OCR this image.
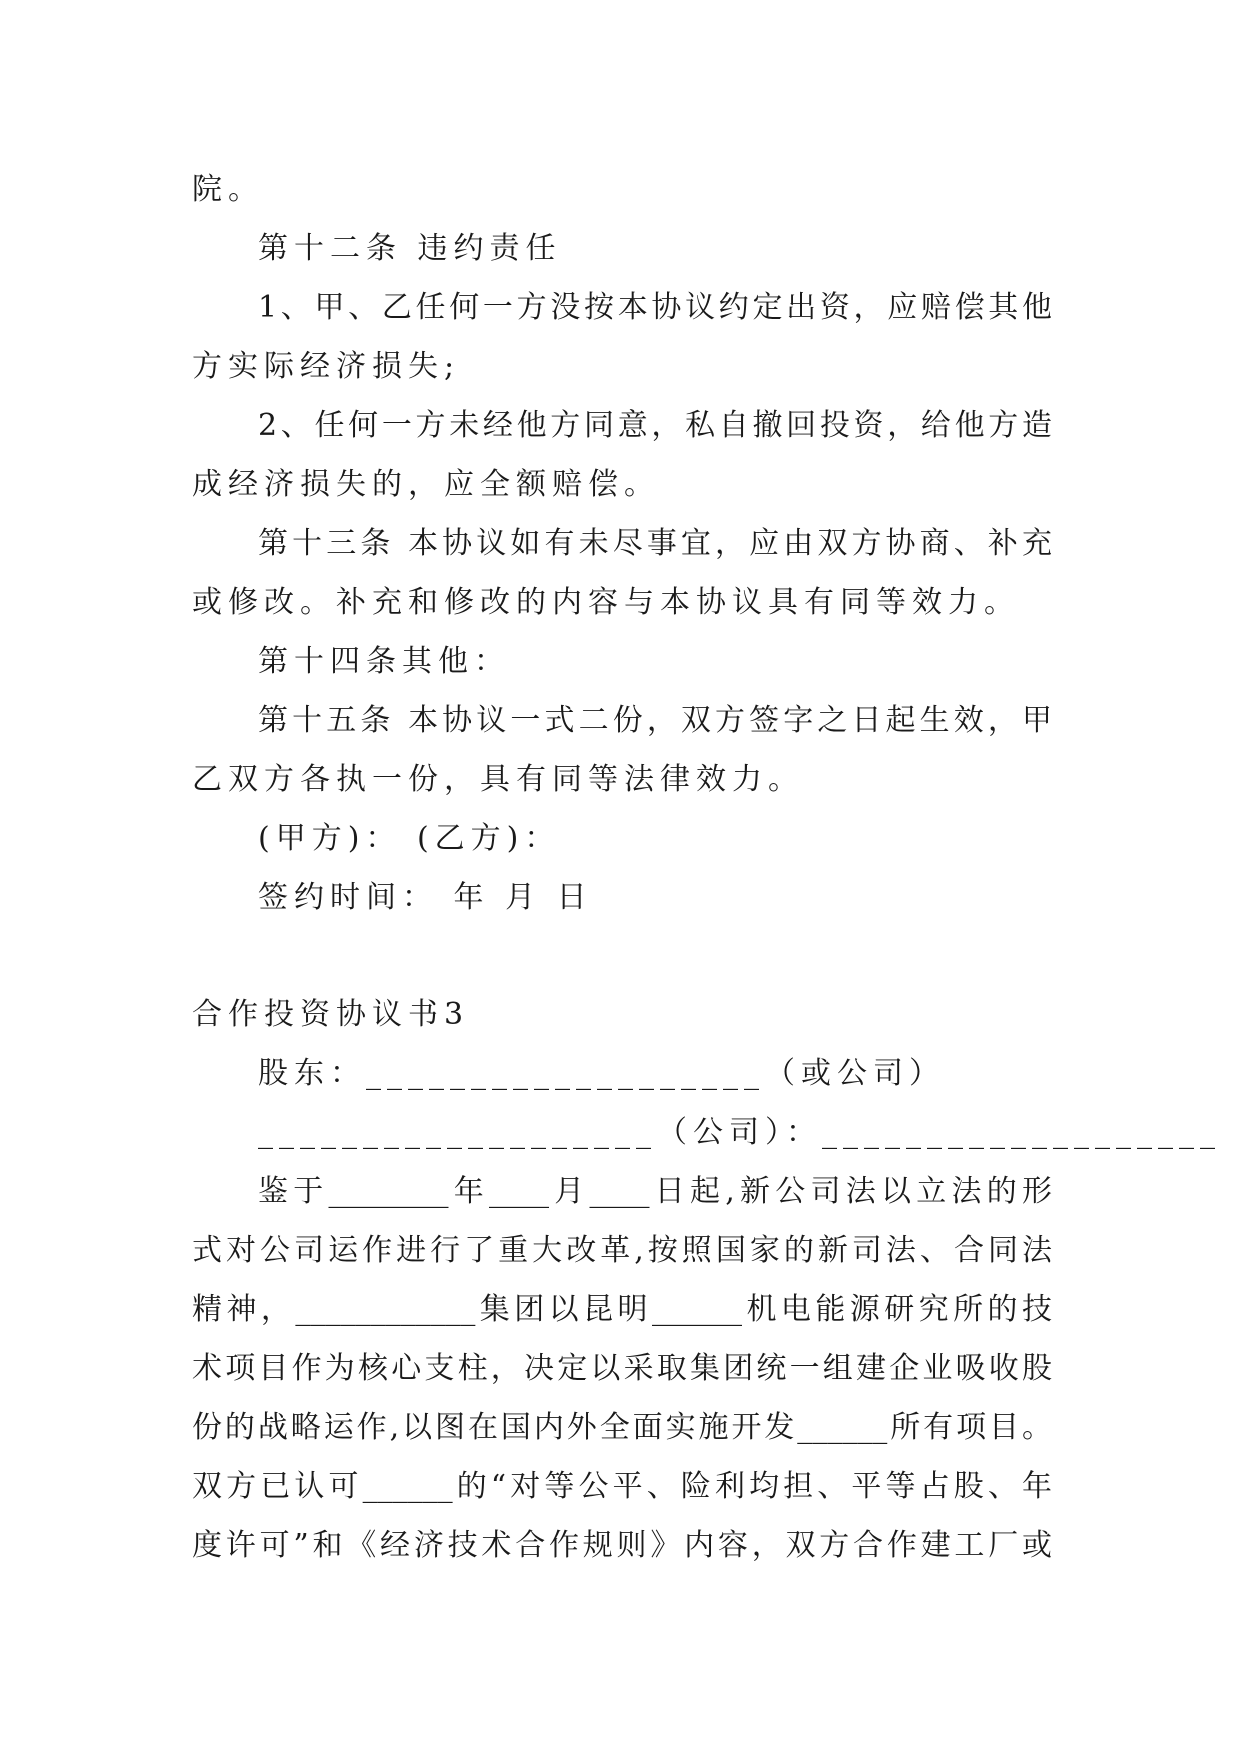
院。
第十二条 违约责任
1、甲、乙任何一方没按本协议约定出资，应赔偿其他
方实际经济损失;
2、任何一方未经他方同意，私自撤回投资，给他方造
成经济损失的，应全额赔偿。
第十三条 本协议如有未尽事宜，应由双方协商、补充
或修改。补充和修改的内容与本协议具有同等效力。
第十四条其他：
第十五条 本协议一式二份，双方签字之日起生效，甲
乙双方各执一份，具有同等法律效力。
(甲方)： (乙方)：
签约时间： 年 月 日
合作投资协议书3
股东：___________________（或公司）
___________________（公司）：___________________
鉴于________年____月____日起,新公司法以立法的形
式对公司运作进行了重大改革,按照国家的新司法、合同法
精神，____________集团以昆明______机电能源研究所的技
术项目作为核心支柱，决定以采取集团统一组建企业吸收股
份的战略运作,以图在国内外全面实施开发______所有项目。
双方已认可______的“对等公平、险利均担、平等占股、年
度许可”和《经济技术合作规则》内容，双方合作建工厂或
